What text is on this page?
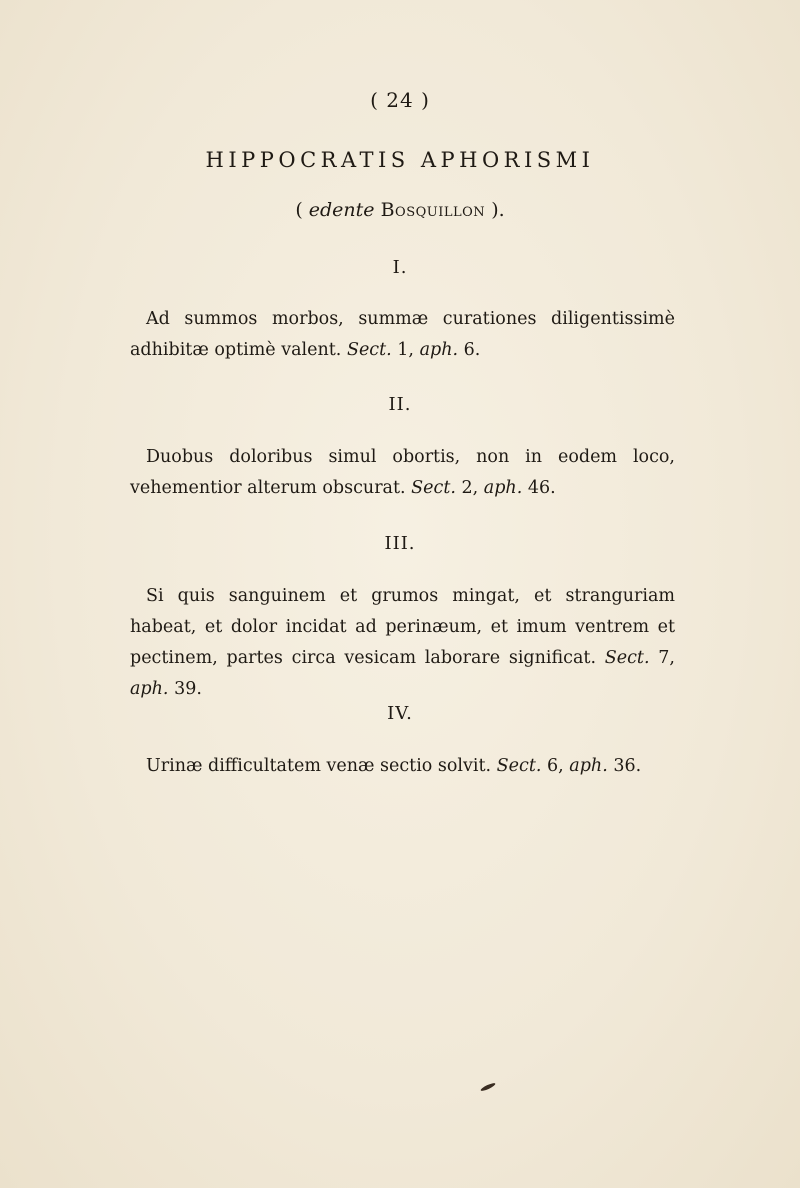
( 24 )
HIPPOCRATIS APHORISMI
( edente Bosquillon ).
I.
Ad summos morbos, summæ curationes diligentissimè adhibitæ optimè valent. Sect. 1, aph. 6.
II.
Duobus doloribus simul obortis, non in eodem loco, vehementior alterum obscurat. Sect. 2, aph. 46.
III.
Si quis sanguinem et grumos mingat, et stranguriam habeat, et dolor incidat ad perinæum, et imum ventrem et pectinem, partes circa vesicam laborare significat. Sect. 7, aph. 39.
IV.
Urinæ difficultatem venæ sectio solvit. Sect. 6, aph. 36.
